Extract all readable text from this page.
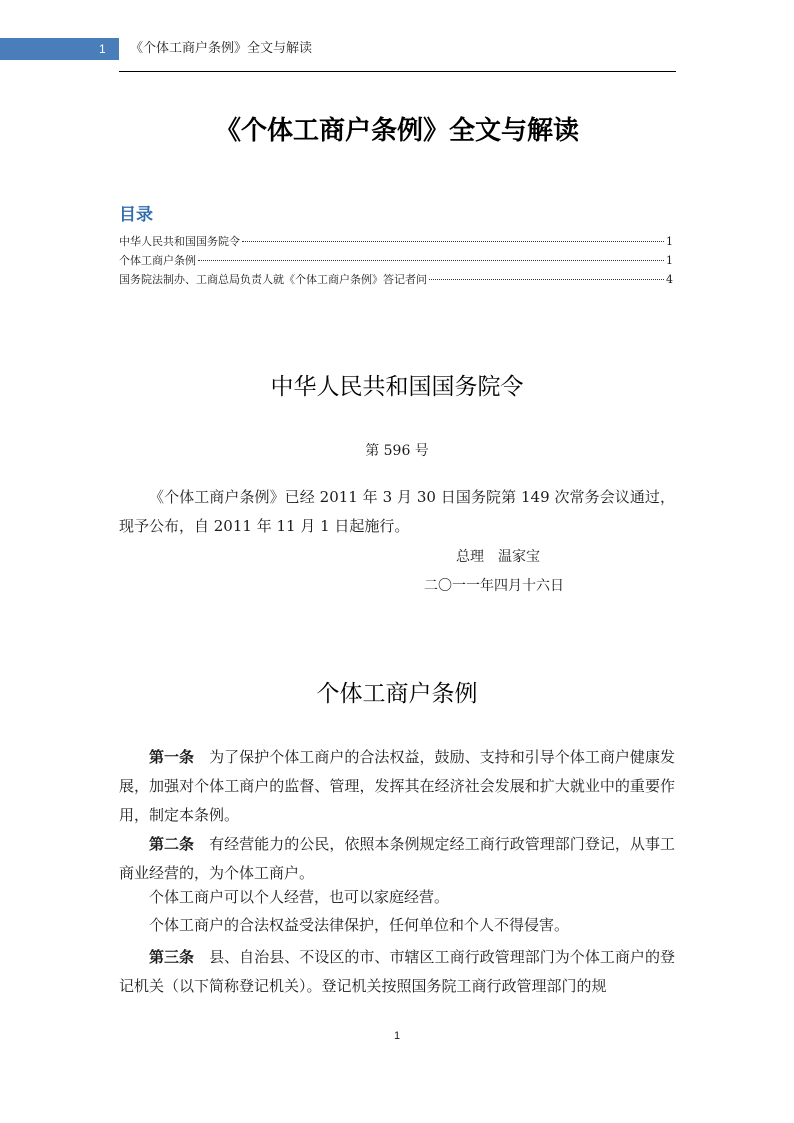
1	《个体工商户条例》全文与解读
《个体工商户条例》全文与解读
目录
中华人民共和国国务院令	1
个体工商户条例	1
国务院法制办、工商总局负责人就《个体工商户条例》答记者问	4
中华人民共和国国务院令
第 596 号
《个体工商户条例》已经 2011 年 3 月 30 日国务院第 149 次常务会议通过，现予公布，自 2011 年 11 月 1 日起施行。
总理　温家宝
二〇一一年四月十六日
个体工商户条例
第一条　 为了保护个体工商户的合法权益，鼓励、支持和引导个体工商户健康发展，加强对个体工商户的监督、管理，发挥其在经济社会发展和扩大就业中的重要作用，制定本条例。
第二条　 有经营能力的公民，依照本条例规定经工商行政管理部门登记，从事工商业经营的，为个体工商户。
个体工商户可以个人经营，也可以家庭经营。
个体工商户的合法权益受法律保护，任何单位和个人不得侵害。
第三条　 县、自治县、不设区的市、市辖区工商行政管理部门为个体工商户的登记机关（以下简称登记机关）。登记机关按照国务院工商行政管理部门的规
1
